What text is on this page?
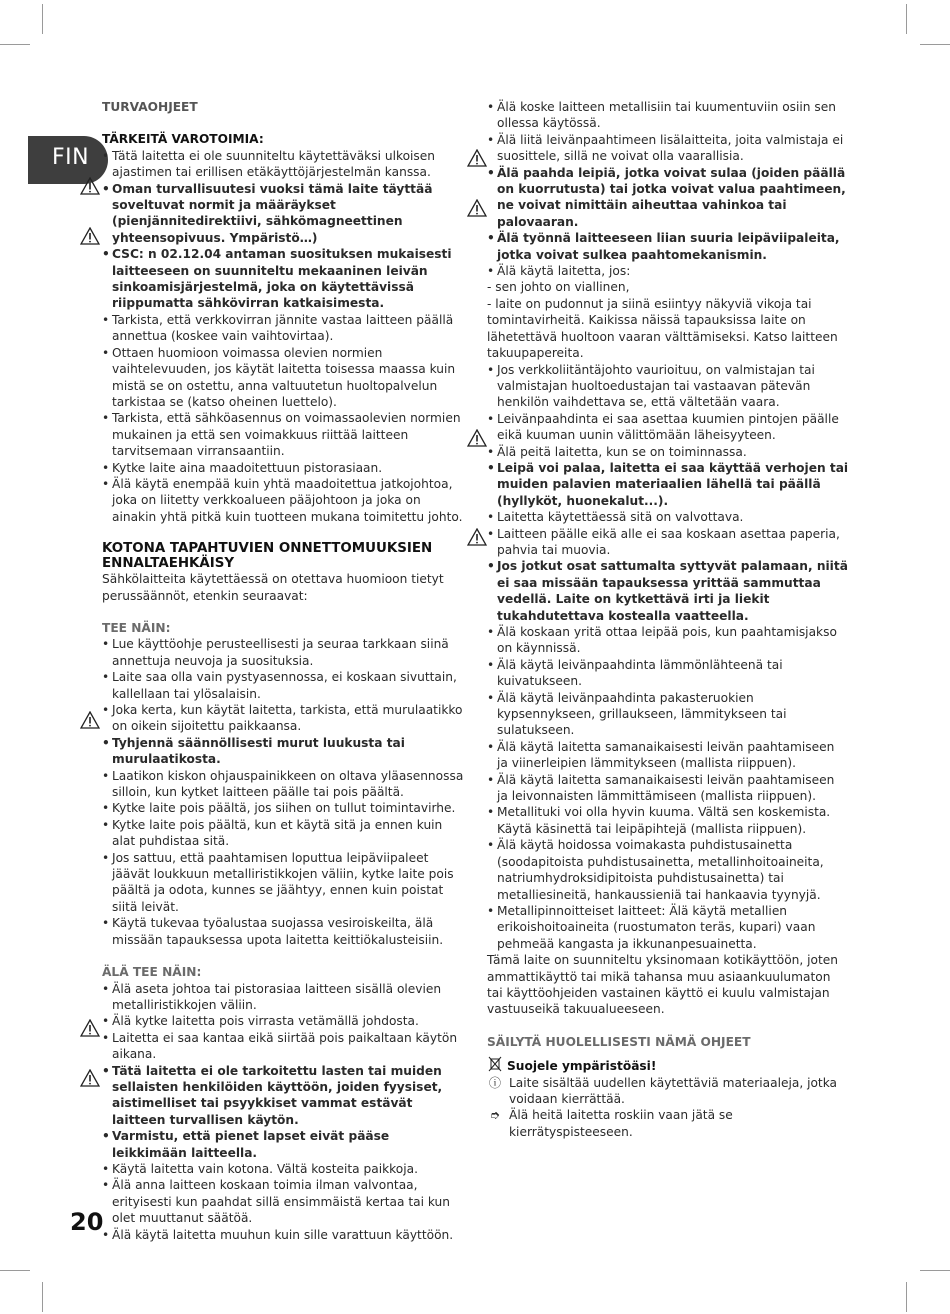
FIN

TURVAOHJEET

TÄRKEITÄ VAROTOIMIA:

• Tätä laitetta ei ole suunniteltu käytettäväksi ulkoisen ajastimen tai erillisen etäkäyttöjärjestelmän kanssa.
• Oman turvallisuutesi vuoksi tämä laite täyttää soveltuvat normit ja määräykset (pienjännitedirektiivi, sähkömagneettinen yhteensopivuus. Ympäristö…)
• CSC: n 02.12.04 antaman suosituksen mukaisesti laitteeseen on suunniteltu mekaaninen leivän sinkoamisjärjestelmä, joka on käytettävissä riippumatta sähkövirran katkaisimesta.
• Tarkista, että verkkovirran jännite vastaa laitteen päällä annettua (koskee vain vaihtovirtaa).
• Ottaen huomioon voimassa olevien normien vaihtelevuuden, jos käytät laitetta toisessa maassa kuin mistä se on ostettu, anna valtuutetun huoltopalvelun tarkistaa se (katso oheinen luettelo).
• Tarkista, että sähköasennus on voimassaolevien normien mukainen ja että sen voimakkuus riittää laitteen tarvitsemaan virransaantiin.
• Kytke laite aina maadoitettuun pistorasiaan.
• Älä käytä enempää kuin yhtä maadoitettua jatkojohtoa, joka on liitetty verkkoalueen pääjohtoon ja joka on ainakin yhtä pitkä kuin tuotteen mukana toimitettu johto.

KOTONA TAPAHTUVIEN ONNETTOMUUKSIEN ENNALTAEHKÄISY

Sähkölaitteita käytettäessä on otettava huomioon tietyt perussäännöt, etenkin seuraavat:

TEE NÄIN:

• Lue käyttöohje perusteellisesti ja seuraa tarkkaan siinä annettuja neuvoja ja suosituksia.
• Laite saa olla vain pystyasennossa, ei koskaan sivuttain, kallellaan tai ylösalaisin.
• Joka kerta, kun käytät laitetta, tarkista, että murulaatikko on oikein sijoitettu paikkaansa.
• Tyhjennä säännöllisesti murut luukusta tai murulaatikosta.
• Laatikon kiskon ohjauspainikkeen on oltava yläasennossa silloin, kun kytket laitteen päälle tai pois päältä.
• Kytke laite pois päältä, jos siihen on tullut toimintavirhe.
• Kytke laite pois päältä, kun et käytä sitä ja ennen kuin alat puhdistaa sitä.
• Jos sattuu, että paahtamisen loputtua leipäviipaleet jäävät loukkuun metalliristikkojen väliin, kytke laite pois päältä ja odota, kunnes se jäähtyy, ennen kuin poistat siitä leivät.
• Käytä tukevaa työalustaa suojassa vesiroiskeilta, älä missään tapauksessa upota laitetta keittiökalusteisiin.

ÄLÄ TEE NÄIN:

• Älä aseta johtoa tai pistorasiaa laitteen sisällä olevien metalliristikkojen väliin.
• Älä kytke laitetta pois virrasta vetämällä johdosta.
• Laitetta ei saa kantaa eikä siirtää pois paikaltaan käytön aikana.
• Tätä laitetta ei ole tarkoitettu lasten tai muiden sellaisten henkilöiden käyttöön, joiden fyysiset, aistimelliset tai psyykkiset vammat estävät laitteen turvallisen käytön.
• Varmistu, että pienet lapset eivät pääse leikkimään laitteella.
• Käytä laitetta vain kotona. Vältä kosteita paikkoja.
• Älä anna laitteen koskaan toimia ilman valvontaa, erityisesti kun paahdat sillä ensimmäistä kertaa tai kun olet muuttanut säätöä.
• Älä käytä laitetta muuhun kuin sille varattuun käyttöön.
• Älä koske laitteen metallisiin tai kuumentuviin osiin sen ollessa käytössä.
• Älä liitä leivänpaahtimeen lisälaitteita, joita valmistaja ei suosittele, sillä ne voivat olla vaarallisia.
• Älä paahda leipiä, jotka voivat sulaa (joiden päällä on kuorrutusta) tai jotka voivat valua paahtimeen, ne voivat nimittäin aiheuttaa vahinkoa tai palovaaran.
• Älä työnnä laitteeseen liian suuria leipäviipaleita, jotka voivat sulkea paahtomekanismin.
• Älä käytä laitetta, jos:
- sen johto on viallinen,
- laite on pudonnut ja siinä esiintyy näkyviä vikoja tai tomintavirheitä. Kaikissa näissä tapauksissa laite on lähetettävä huoltoon vaaran välttämiseksi. Katso laitteen takuupapereita.
• Jos verkkoliitäntäjohto vaurioituu, on valmistajan tai valmistajan huoltoedustajan tai vastaavan pätevän henkilön vaihdettava se, että vältetään vaara.
• Leivänpaahdinta ei saa asettaa kuumien pintojen päälle eikä kuuman uunin välittömään läheisyyteen.
• Älä peitä laitetta, kun se on toiminnassa.
• Leipä voi palaa, laitetta ei saa käyttää verhojen tai muiden palavien materiaalien lähellä tai päällä (hyllyköt, huonekalut...).
• Laitetta käytettäessä sitä on valvottava.
• Laitteen päälle eikä alle ei saa koskaan asettaa paperia, pahvia tai muovia.
• Jos jotkut osat sattumalta syttyvät palamaan, niitä ei saa missään tapauksessa yrittää sammuttaa vedellä. Laite on kytkettävä irti ja liekit tukahdutettava kostealla vaatteella.
• Älä koskaan yritä ottaa leipää pois, kun paahtamisjakso on käynnissä.
• Älä käytä leivänpaahdinta lämmönlähteenä tai kuivatukseen.
• Älä käytä leivänpaahdinta pakasteruokien kypsennykseen, grillaukseen, lämmitykseen tai sulatukseen.
• Älä käytä laitetta samanaikaisesti leivän paahtamiseen ja viinerleipien lämmitykseen (mallista riippuen).
• Älä käytä laitetta samanaikaisesti leivän paahtamiseen ja leivonnaisten lämmittämiseen (mallista riippuen).
• Metallituki voi olla hyvin kuuma. Vältä sen koskemista. Käytä käsinettä tai leipäpihtejä (mallista riippuen).
• Älä käytä hoidossa voimakasta puhdistusainetta (soodapitoista puhdistusainetta, metallinhoitoaineita, natriumhydroksidipitoista puhdistusainetta) tai metalliesineitä, hankaussieniä tai hankaavia tyynyjä.
• Metallipinnoitteiset laitteet: Älä käytä metallien erikoishoitoaineita (ruostumaton teräs, kupari) vaan pehmeää kangasta ja ikkunanpesuainetta.

Tämä laite on suunniteltu yksinomaan kotikäyttöön, joten ammattikäyttö tai mikä tahansa muu asiaankuulumaton tai käyttöohjeiden vastainen käyttö ei kuulu valmistajan vastuuseikä takuualueeseen.

SÄILYTÄ HUOLELLISESTI NÄMÄ OHJEET

Suojele ympäristöäsi!

ⓘ Laite sisältää uudellen käytettäviä materiaaleja, jotka voidaan kierrättää.

➮ Älä heitä laitetta roskiin vaan jätä se kierrätyspisteeseen.

20
